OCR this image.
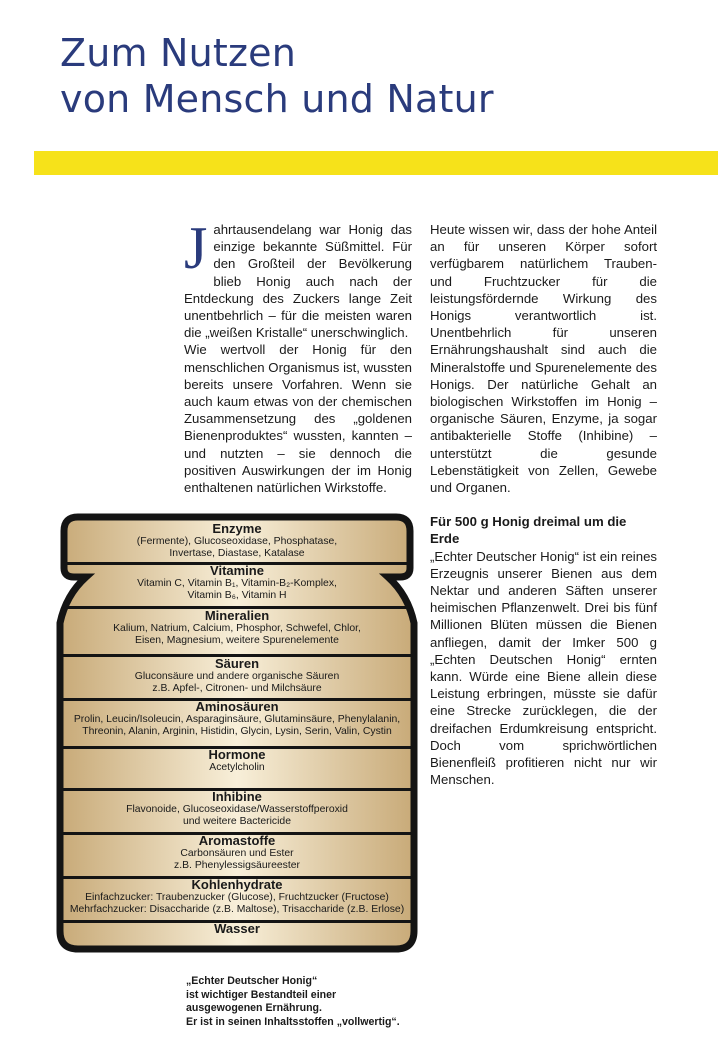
Zum Nutzen
von Mensch und Natur

Jahrtausendelang war Honig das einzige bekannte Süßmittel. Für den Großteil der Bevölkerung blieb Honig auch nach der Entdeckung des Zuckers lange Zeit unentbehrlich – für die meisten waren die „weißen Kristalle“ unerschwinglich.

Wie wertvoll der Honig für den menschlichen Organismus ist, wussten bereits unsere Vorfahren. Wenn sie auch kaum etwas von der chemischen Zusammensetzung des „goldenen Bienenproduktes“ wussten, kannten – und nutzten – sie dennoch die positiven Auswirkungen der im Honig enthaltenen natürlichen Wirkstoffe.

Heute wissen wir, dass der hohe Anteil an für unseren Körper sofort verfügbarem natürlichem Trauben- und Fruchtzucker für die leistungsfördernde Wirkung des Honigs verantwortlich ist. Unentbehrlich für unseren Ernährungshaushalt sind auch die Mineralstoffe und Spurenelemente des Honigs. Der natürliche Gehalt an biologischen Wirkstoffen im Honig – organische Säuren, Enzyme, ja sogar antibakterielle Stoffe (Inhibine) – unterstützt die gesunde Lebenstätigkeit von Zellen, Gewebe und Organen.

Für 500 g Honig dreimal um die Erde

„Echter Deutscher Honig“ ist ein reines Erzeugnis unserer Bienen aus dem Nektar und anderen Säften unserer heimischen Pflanzenwelt. Drei bis fünf Millionen Blüten müssen die Bienen anfliegen, damit der Imker 500 g „Echten Deutschen Honig“ ernten kann. Würde eine Biene allein diese Leistung erbringen, müsste sie dafür eine Strecke zurücklegen, die der dreifachen Erdumkreisung entspricht. Doch vom sprichwörtlichen Bienenfleiß profitieren nicht nur wir Menschen.

Enzyme
(Fermente), Glucoseoxidase, Phosphatase,
Invertase, Diastase, Katalase
Vitamine
Vitamin C, Vitamin B₁, Vitamin-B₂-Komplex,
Vitamin B₆, Vitamin H
Mineralien
Kalium, Natrium, Calcium, Phosphor, Schwefel, Chlor,
Eisen, Magnesium, weitere Spurenelemente
Säuren
Gluconsäure und andere organische Säuren
z.B. Apfel-, Citronen- und Milchsäure
Aminosäuren
Prolin, Leucin/Isoleucin, Asparaginsäure, Glutaminsäure, Phenylalanin,
Threonin, Alanin, Arginin, Histidin, Glycin, Lysin, Serin, Valin, Cystin
Hormone
Acetylcholin
Inhibine
Flavonoide, Glucoseoxidase/Wasserstoffperoxid
und weitere Bactericide
Aromastoffe
Carbonsäuren und Ester
z.B. Phenylessigsäureester
Kohlenhydrate
Einfachzucker: Traubenzucker (Glucose), Fruchtzucker (Fructose)
Mehrfachzucker: Disaccharide (z.B. Maltose), Trisaccharide (z.B. Erlose)
Wasser
„Echter Deutscher Honig“
ist wichtiger Bestandteil einer
ausgewogenen Ernährung.
Er ist in seinen Inhaltsstoffen „vollwertig“.
